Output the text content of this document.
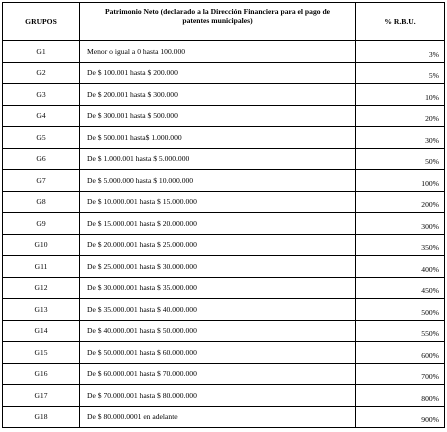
GRUPOS	Patrimonio Neto (declarado a la Dirección Financiera para el pago de patentes municipales)	% R.B.U.
G1	Menor o igual a 0 hasta 100.000	3%
G2	De $ 100.001 hasta $ 200.000	5%
G3	De $ 200.001 hasta $ 300.000	10%
G4	De $ 300.001 hasta $ 500.000	20%
G5	De $ 500.001 hasta$ 1.000.000	30%
G6	De $ 1.000.001 hasta $ 5.000.000	50%
G7	De $ 5.000.000 hasta $ 10.000.000	100%
G8	De $ 10.000.001 hasta $ 15.000.000	200%
G9	De $ 15.000.001 hasta $ 20.000.000	300%
G10	De $ 20.000.001 hasta $ 25.000.000	350%
G11	De $ 25.000.001 hasta $ 30.000.000	400%
G12	De $ 30.000.001 hasta $ 35.000.000	450%
G13	De $ 35.000.001 hasta $ 40.000.000	500%
G14	De $ 40.000.001 hasta $ 50.000.000	550%
G15	De $ 50.000.001 hasta $ 60.000.000	600%
G16	De $ 60.000.001 hasta $ 70.000.000	700%
G17	De $ 70.000.001 hasta $ 80.000.000	800%
G18	De $ 80.000.0001 en adelante	900%
